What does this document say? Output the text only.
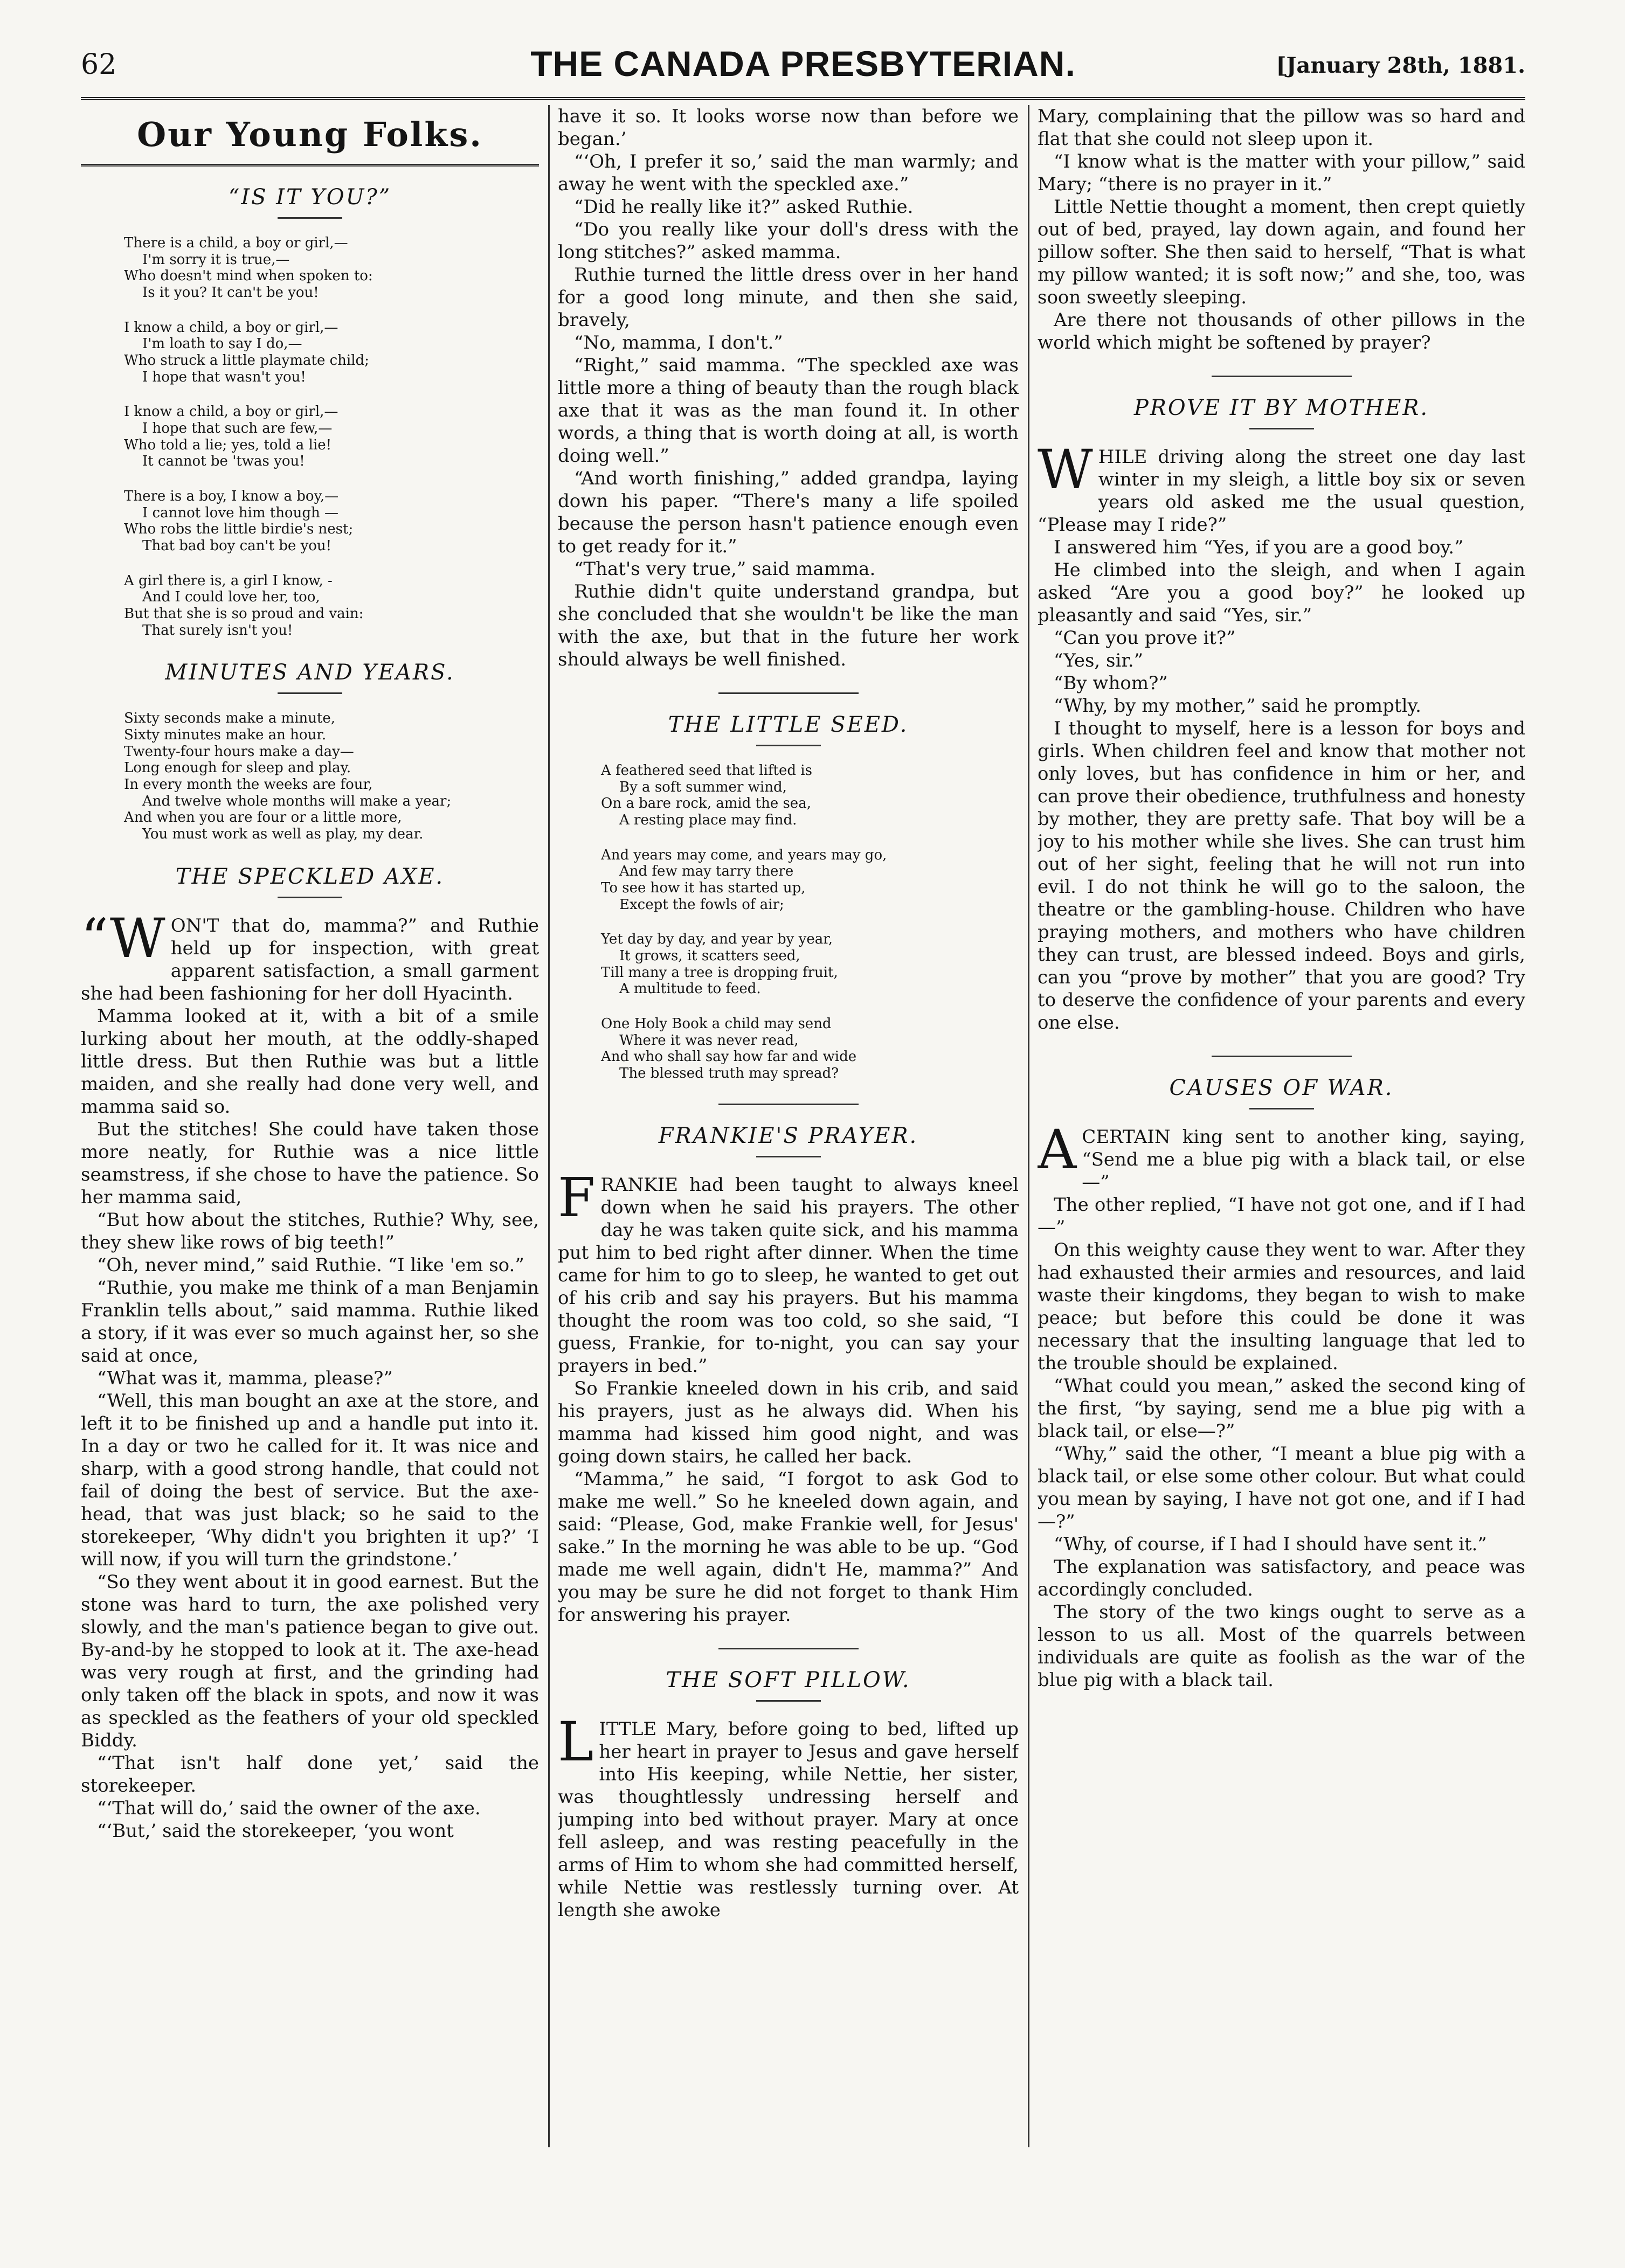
62	THE CANADA PRESBYTERIAN.	[January 28th, 1881.
Our Young Folks.
“IS IT YOU?”
There is a child, a boy or girl,—
I'm sorry it is true,—
Who doesn't mind when spoken to:
Is it you? It can't be you!
I know a child, a boy or girl,—
I'm loath to say I do,—
Who struck a little playmate child;
I hope that wasn't you!
I know a child, a boy or girl,—
I hope that such are few,—
Who told a lie; yes, told a lie!
It cannot be 'twas you!
There is a boy, I know a boy,—
I cannot love him though —
Who robs the little birdie's nest;
That bad boy can't be you!
A girl there is, a girl I know, -
And I could love her, too,
But that she is so proud and vain:
That surely isn't you!
MINUTES AND YEARS.
Sixty seconds make a minute,
Sixty minutes make an hour.
Twenty-four hours make a day—
Long enough for sleep and play.
In every month the weeks are four,
And twelve whole months will make a year;
And when you are four or a little more,
You must work as well as play, my dear.
THE SPECKLED AXE.

“WON'T that do, mamma?” and Ruthie held up for inspection, with great apparent satisfaction, a small garment she had been fashioning for her doll Hyacinth.

Mamma looked at it, with a bit of a smile lurking about her mouth, at the oddly-shaped little dress. But then Ruthie was but a little maiden, and she really had done very well, and mamma said so.

But the stitches! She could have taken those more neatly, for Ruthie was a nice little seamstress, if she chose to have the patience. So her mamma said,

“But how about the stitches, Ruthie? Why, see, they shew like rows of big teeth!”

“Oh, never mind,” said Ruthie. “I like 'em so.”

“Ruthie, you make me think of a man Benjamin Franklin tells about,” said mamma. Ruthie liked a story, if it was ever so much against her, so she said at once,

“What was it, mamma, please?”

“Well, this man bought an axe at the store, and left it to be finished up and a handle put into it. In a day or two he called for it. It was nice and sharp, with a good strong handle, that could not fail of doing the best of service. But the axe-head, that was just black; so he said to the storekeeper, ‘Why didn't you brighten it up?’ ‘I will now, if you will turn the grindstone.’

“So they went about it in good earnest. But the stone was hard to turn, the axe polished very slowly, and the man's patience began to give out. By-and-by he stopped to look at it. The axe-head was very rough at first, and the grinding had only taken off the black in spots, and now it was as speckled as the feathers of your old speckled Biddy.

“‘That isn't half done yet,’ said the storekeeper.

“‘That will do,’ said the owner of the axe.

“‘But,’ said the storekeeper, ‘you wont

have it so. It looks worse now than before we began.’

“‘Oh, I prefer it so,’ said the man warmly; and away he went with the speckled axe.”

“Did he really like it?” asked Ruthie.

“Do you really like your doll's dress with the long stitches?” asked mamma.

Ruthie turned the little dress over in her hand for a good long minute, and then she said, bravely,

“No, mamma, I don't.”

“Right,” said mamma. “The speckled axe was little more a thing of beauty than the rough black axe that it was as the man found it. In other words, a thing that is worth doing at all, is worth doing well.”

“And worth finishing,” added grandpa, laying down his paper. “There's many a life spoiled because the person hasn't patience enough even to get ready for it.”

“That's very true,” said mamma.

Ruthie didn't quite understand grandpa, but she concluded that she wouldn't be like the man with the axe, but that in the future her work should always be well finished.

THE LITTLE SEED.
A feathered seed that lifted is
By a soft summer wind,
On a bare rock, amid the sea,
A resting place may find.
And years may come, and years may go,
And few may tarry there
To see how it has started up,
Except the fowls of air;
Yet day by day, and year by year,
It grows, it scatters seed,
Till many a tree is dropping fruit,
A multitude to feed.
One Holy Book a child may send
Where it was never read,
And who shall say how far and wide
The blessed truth may spread?
FRANKIE'S PRAYER.

FRANKIE had been taught to always kneel down when he said his prayers. The other day he was taken quite sick, and his mamma put him to bed right after dinner. When the time came for him to go to sleep, he wanted to get out of his crib and say his prayers. But his mamma thought the room was too cold, so she said, “I guess, Frankie, for to-night, you can say your prayers in bed.”

So Frankie kneeled down in his crib, and said his prayers, just as he always did. When his mamma had kissed him good night, and was going down stairs, he called her back.

“Mamma,” he said, “I forgot to ask God to make me well.” So he kneeled down again, and said: “Please, God, make Frankie well, for Jesus' sake.” In the morning he was able to be up. “God made me well again, didn't He, mamma?” And you may be sure he did not forget to thank Him for answering his prayer.

THE SOFT PILLOW.

LITTLE Mary, before going to bed, lifted up her heart in prayer to Jesus and gave herself into His keeping, while Nettie, her sister, was thoughtlessly undressing herself and jumping into bed without prayer. Mary at once fell asleep, and was resting peacefully in the arms of Him to whom she had committed herself, while Nettie was restlessly turning over. At length she awoke

Mary, complaining that the pillow was so hard and flat that she could not sleep upon it.

“I know what is the matter with your pillow,” said Mary; “there is no prayer in it.”

Little Nettie thought a moment, then crept quietly out of bed, prayed, lay down again, and found her pillow softer. She then said to herself, “That is what my pillow wanted; it is soft now;” and she, too, was soon sweetly sleeping.

Are there not thousands of other pillows in the world which might be softened by prayer?

PROVE IT BY MOTHER.

WHILE driving along the street one day last winter in my sleigh, a little boy six or seven years old asked me the usual question, “Please may I ride?”

I answered him “Yes, if you are a good boy.”

He climbed into the sleigh, and when I again asked “Are you a good boy?” he looked up pleasantly and said “Yes, sir.”

“Can you prove it?”

“Yes, sir.”

“By whom?”

“Why, by my mother,” said he promptly.

I thought to myself, here is a lesson for boys and girls. When children feel and know that mother not only loves, but has confidence in him or her, and can prove their obedience, truthfulness and honesty by mother, they are pretty safe. That boy will be a joy to his mother while she lives. She can trust him out of her sight, feeling that he will not run into evil. I do not think he will go to the saloon, the theatre or the gambling-house. Children who have praying mothers, and mothers who have children they can trust, are blessed indeed. Boys and girls, can you “prove by mother” that you are good? Try to deserve the confidence of your parents and every one else.

CAUSES OF WAR.

ACERTAIN king sent to another king, saying, “Send me a blue pig with a black tail, or else—”

The other replied, “I have not got one, and if I had—”

On this weighty cause they went to war. After they had exhausted their armies and resources, and laid waste their kingdoms, they began to wish to make peace; but before this could be done it was necessary that the insulting language that led to the trouble should be explained.

“What could you mean,” asked the second king of the first, “by saying, send me a blue pig with a black tail, or else—?”

“Why,” said the other, “I meant a blue pig with a black tail, or else some other colour. But what could you mean by saying, I have not got one, and if I had—?”

“Why, of course, if I had I should have sent it.”

The explanation was satisfactory, and peace was accordingly concluded.

The story of the two kings ought to serve as a lesson to us all. Most of the quarrels between individuals are quite as foolish as the war of the blue pig with a black tail.
